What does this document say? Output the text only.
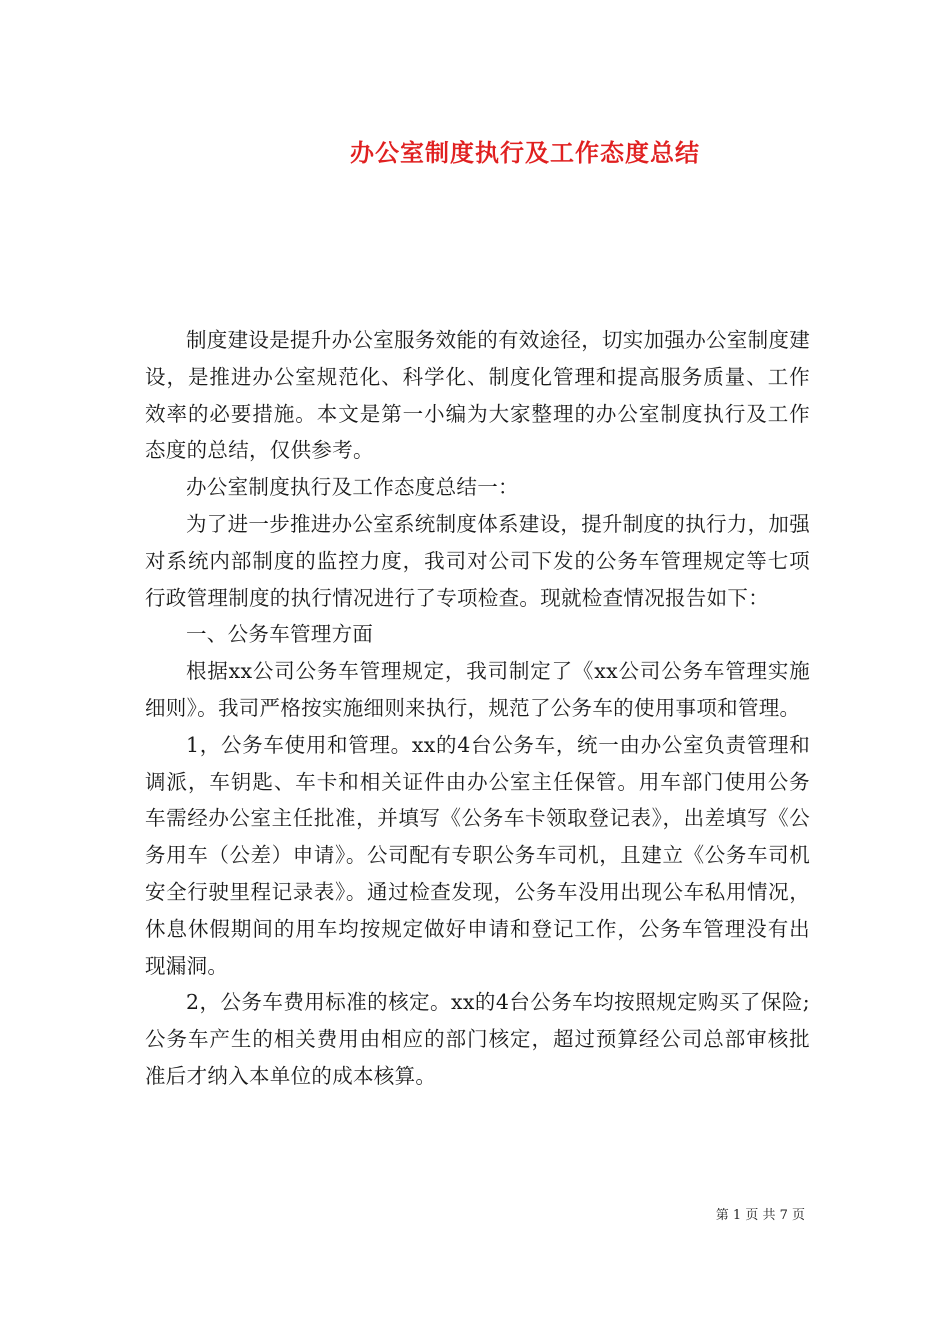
办公室制度执行及工作态度总结

制度建设是提升办公室服务效能的有效途径，切实加强办公室制度建设，是推进办公室规范化、科学化、制度化管理和提高服务质量、工作效率的必要措施。本文是第一小编为大家整理的办公室制度执行及工作态度的总结，仅供参考。

办公室制度执行及工作态度总结一：

为了进一步推进办公室系统制度体系建设，提升制度的执行力，加强对系统内部制度的监控力度，我司对公司下发的公务车管理规定等七项行政管理制度的执行情况进行了专项检查。现就检查情况报告如下：

一、公务车管理方面

根据xx公司公务车管理规定，我司制定了《xx公司公务车管理实施细则》。我司严格按实施细则来执行，规范了公务车的使用事项和管理。

1，公务车使用和管理。xx的4台公务车，统一由办公室负责管理和调派，车钥匙、车卡和相关证件由办公室主任保管。用车部门使用公务车需经办公室主任批准，并填写《公务车卡领取登记表》，出差填写《公务用车（公差）申请》。公司配有专职公务车司机，且建立《公务车司机安全行驶里程记录表》。通过检查发现，公务车没用出现公车私用情况，休息休假期间的用车均按规定做好申请和登记工作，公务车管理没有出现漏洞。

2，公务车费用标准的核定。xx的4台公务车均按照规定购买了保险;公务车产生的相关费用由相应的部门核定，超过预算经公司总部审核批准后才纳入本单位的成本核算。

第 1 页 共 7 页
